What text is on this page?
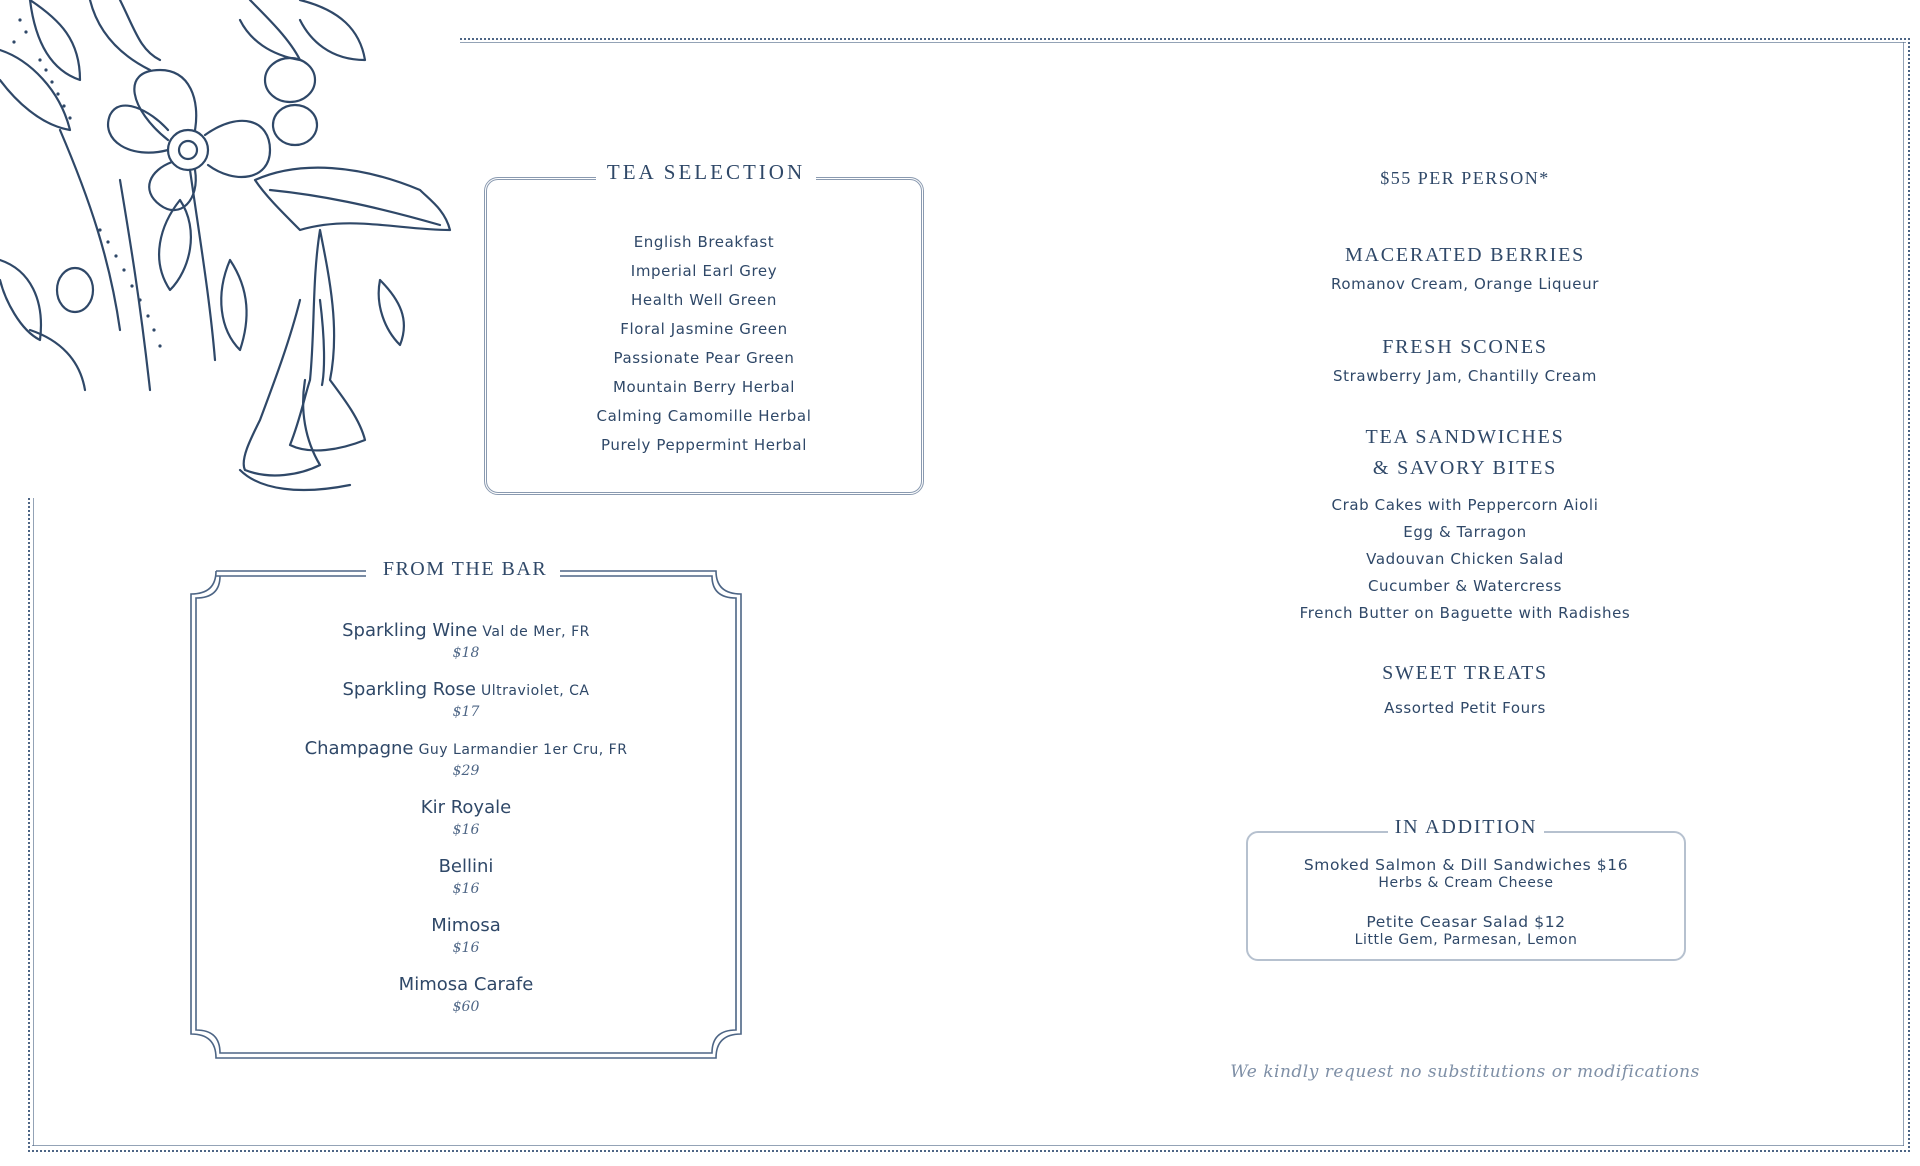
TEA SELECTION
English Breakfast
Imperial Earl Grey
Health Well Green
Floral Jasmine Green
Passionate Pear Green
Mountain Berry Herbal
Calming Camomille Herbal
Purely Peppermint Herbal
FROM THE BAR
Sparkling Wine Val de Mer, FR
$18
Sparkling Rose Ultraviolet, CA
$17
Champagne Guy Larmandier 1er Cru, FR
$29
Kir Royale
$16
Bellini
$16
Mimosa
$16
Mimosa Carafe
$60
$55 PER PERSON*
MACERATED BERRIES
Romanov Cream, Orange Liqueur
FRESH SCONES
Strawberry Jam, Chantilly Cream
TEA SANDWICHES
& SAVORY BITES
Crab Cakes with Peppercorn Aioli
Egg & Tarragon
Vadouvan Chicken Salad
Cucumber & Watercress
French Butter on Baguette with Radishes
SWEET TREATS
Assorted Petit Fours
IN ADDITION
Smoked Salmon & Dill Sandwiches $16
Herbs & Cream Cheese
Petite Ceasar Salad $12
Little Gem, Parmesan, Lemon
We kindly request no substitutions or modifications
